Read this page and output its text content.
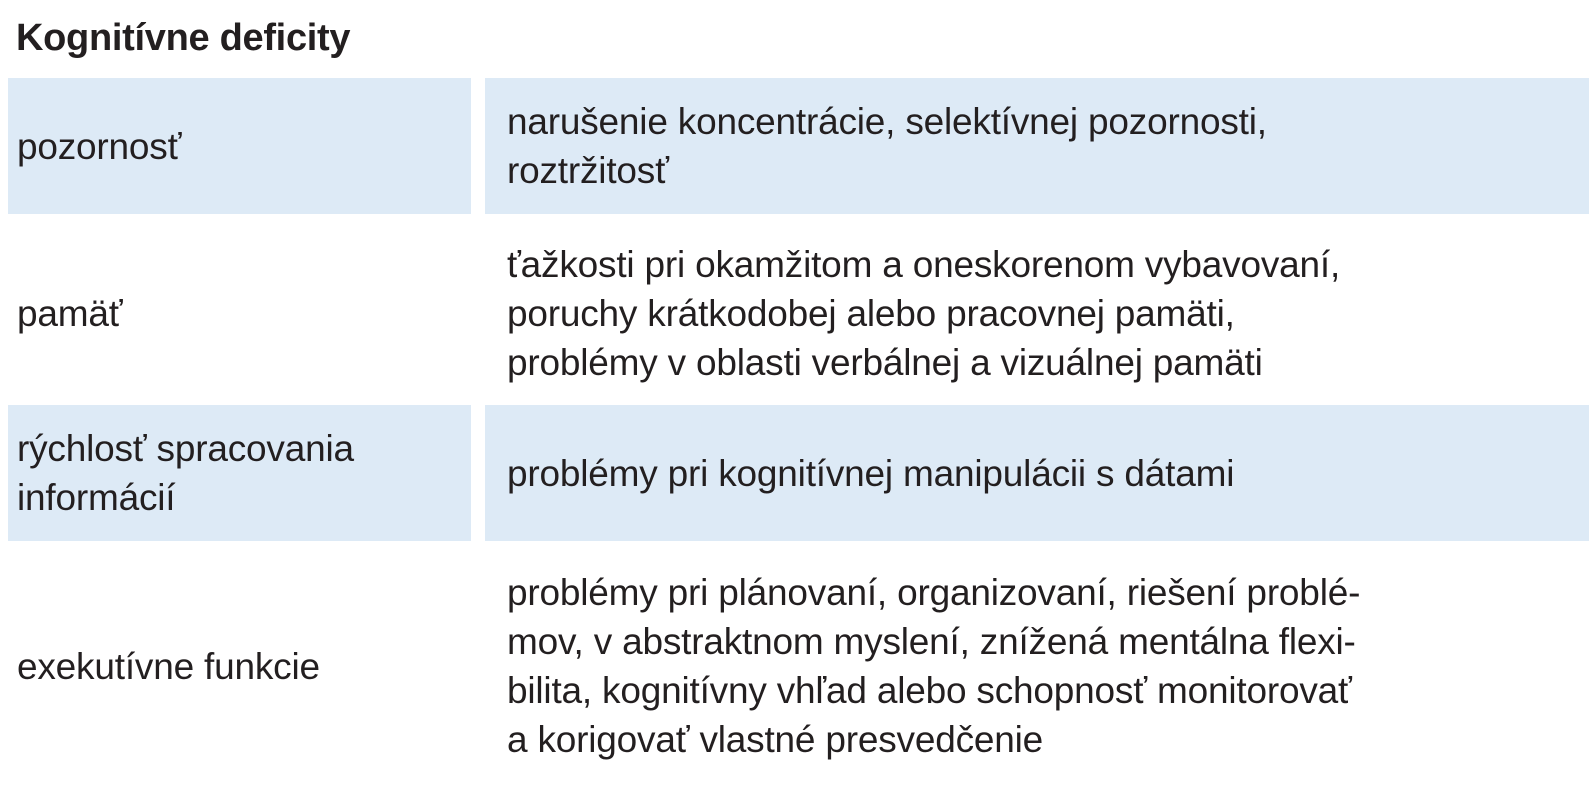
Kognitívne deficity
pozornosť
narušenie koncentrácie, selektívnej pozornosti,
roztržitosť
pamäť
ťažkosti pri okamžitom a oneskorenom vybavovaní,
poruchy krátkodobej alebo pracovnej pamäti,
problémy v oblasti verbálnej a vizuálnej pamäti
rýchlosť spracovania
informácií
problémy pri kognitívnej manipulácii s dátami
exekutívne funkcie
problémy pri plánovaní, organizovaní, riešení problé-
mov, v abstraktnom myslení, znížená mentálna flexi-
bilita, kognitívny vhľad alebo schopnosť monitorovať
a korigovať vlastné presvedčenie
